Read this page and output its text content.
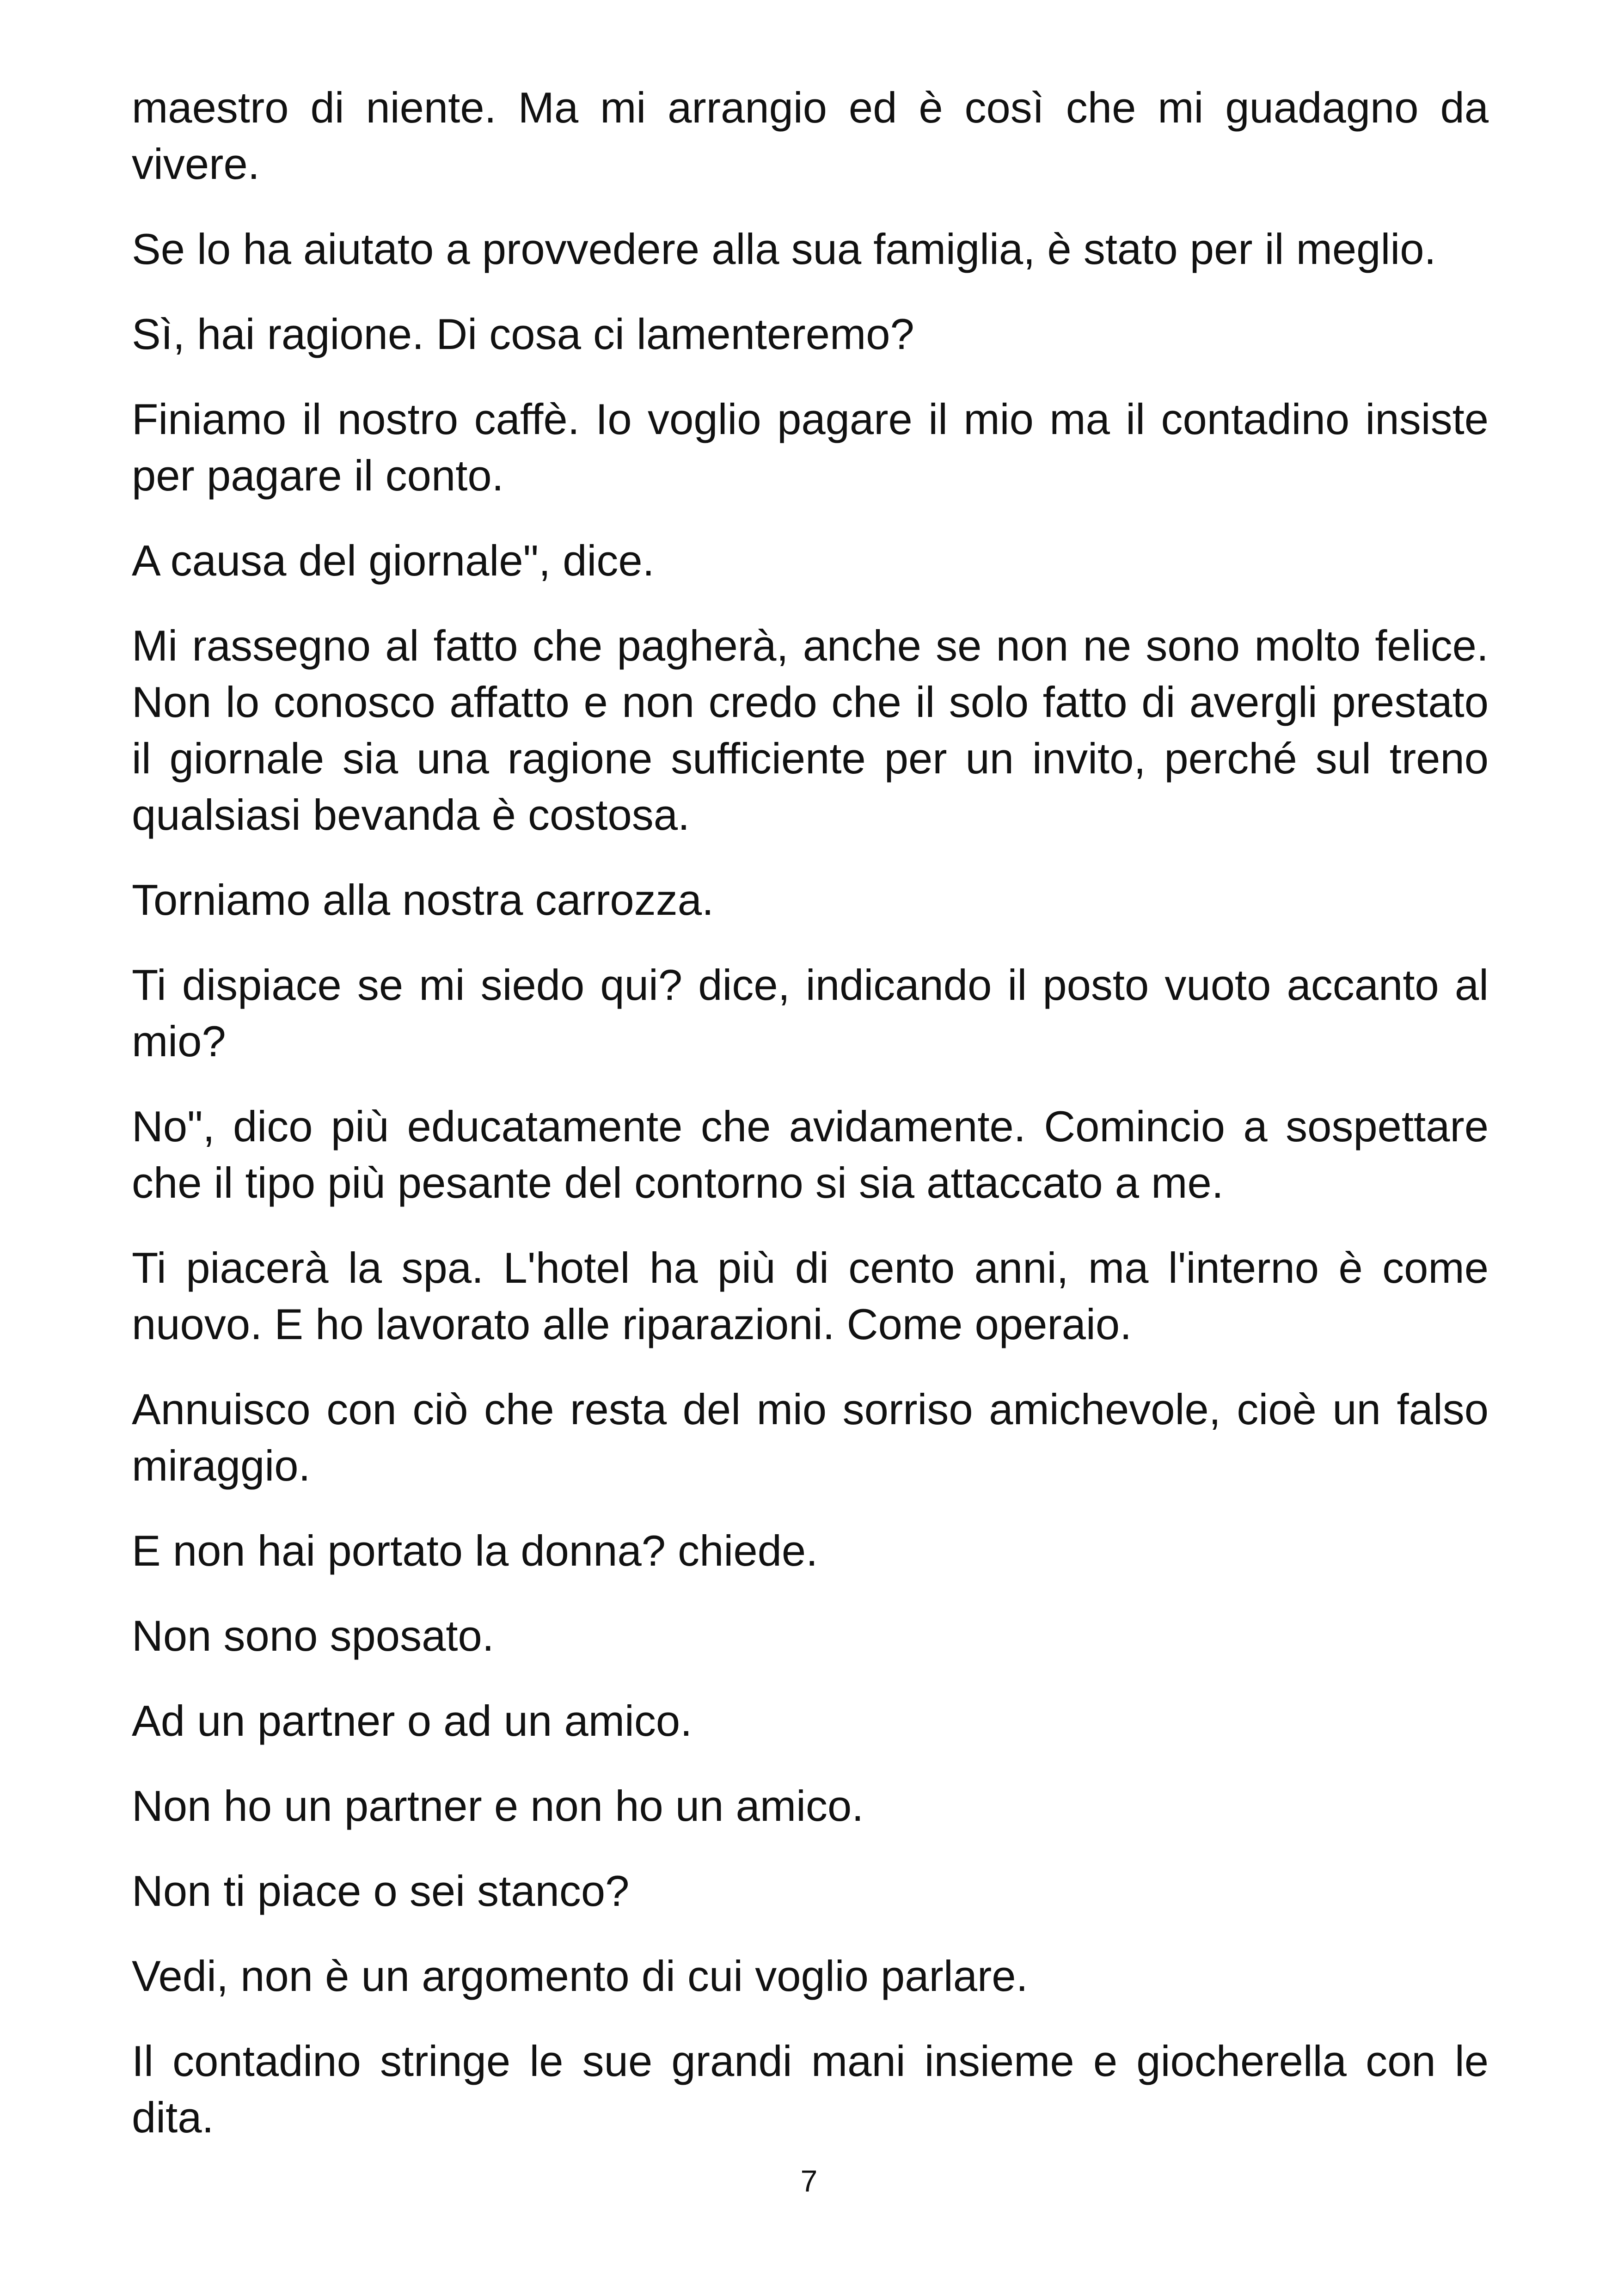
maestro di niente. Ma mi arrangio ed è così che mi guadagno da vivere.

Se lo ha aiutato a provvedere alla sua famiglia, è stato per il meglio.

Sì, hai ragione. Di cosa ci lamenteremo?

Finiamo il nostro caffè. Io voglio pagare il mio ma il contadino insiste per pagare il conto.

A causa del giornale", dice.

Mi rassegno al fatto che pagherà, anche se non ne sono molto felice. Non lo conosco affatto e non credo che il solo fatto di avergli prestato il giornale sia una ragione sufficiente per un invito, perché sul treno qualsiasi bevanda è costosa.

Torniamo alla nostra carrozza.

Ti dispiace se mi siedo qui? dice, indicando il posto vuoto accanto al mio?

No", dico più educatamente che avidamente. Comincio a sospettare che il tipo più pesante del contorno si sia attaccato a me.

Ti piacerà la spa. L'hotel ha più di cento anni, ma l'interno è come nuovo. E ho lavorato alle riparazioni. Come operaio.

Annuisco con ciò che resta del mio sorriso amichevole, cioè un falso miraggio.

E non hai portato la donna? chiede.

Non sono sposato.

Ad un partner o ad un amico.

Non ho un partner e non ho un amico.

Non ti piace o sei stanco?

Vedi, non è un argomento di cui voglio parlare.

Il contadino stringe le sue grandi mani insieme e giocherella con le dita.

7
